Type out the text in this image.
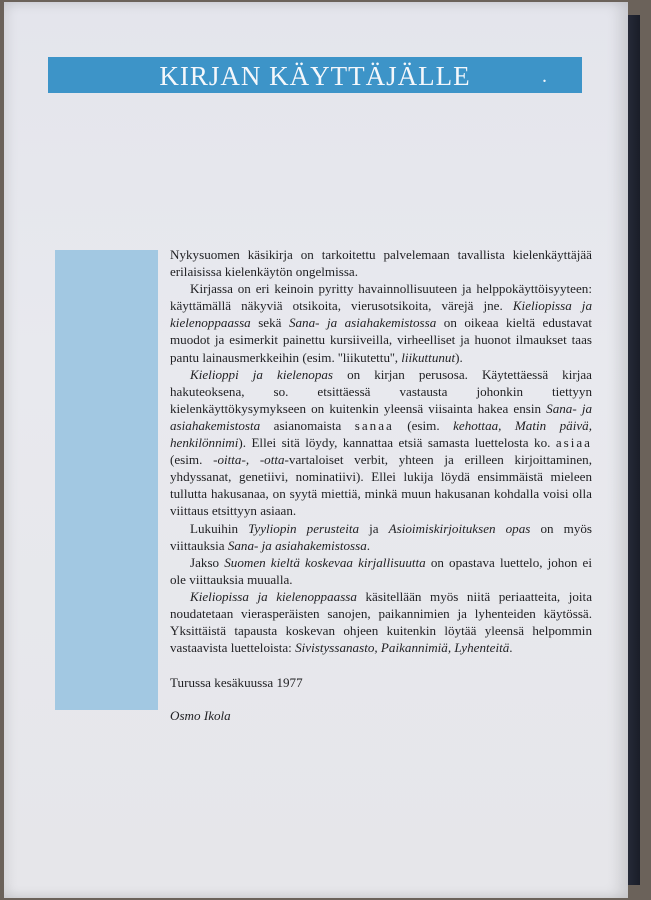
KIRJAN KÄYTTÄJÄLLE	.

Nykysuomen käsikirja on tarkoitettu palvelemaan tavallista kielenkäyttäjää erilaisissa kielenkäytön ongelmissa.

Kirjassa on eri keinoin pyritty havainnollisuuteen ja helppokäyttöisyyteen: käyttämällä näkyviä otsikoita, vierusotsikoita, värejä jne. Kieliopissa ja kielenoppaassa sekä Sana- ja asiahakemistossa on oikeaa kieltä edustavat muodot ja esimerkit painettu kursiiveilla, virheelliset ja huonot ilmaukset taas pantu lainausmerkkeihin (esim. ''liikutettu'', liikuttunut).

Kielioppi ja kielenopas on kirjan perusosa. Käytettäessä kirjaa hakuteoksena, so. etsittäessä vastausta johonkin tiettyyn kielenkäyttökysymykseen on kuitenkin yleensä viisainta hakea ensin Sana- ja asiahakemistosta asianomaista sanaa (esim. kehottaa, Matin päivä, henkilönnimi). Ellei sitä löydy, kannattaa etsiä samasta luettelosta ko. asiaa (esim. -oitta-, -otta-vartaloiset verbit, yhteen ja erilleen kirjoittaminen, yhdyssanat, genetiivi, nominatiivi). Ellei lukija löydä ensimmäistä mieleen tullutta hakusanaa, on syytä miettiä, minkä muun hakusanan kohdalla voisi olla viittaus etsittyyn asiaan.

Lukuihin Tyyliopin perusteita ja Asioimiskirjoituksen opas on myös viittauksia Sana- ja asiahakemistossa.

Jakso Suomen kieltä koskevaa kirjallisuutta on opastava luettelo, johon ei ole viittauksia muualla.

Kieliopissa ja kielenoppaassa käsitellään myös niitä periaatteita, joita noudatetaan vierasperäisten sanojen, paikannimien ja lyhenteiden käytössä. Yksittäistä tapausta koskevan ohjeen kuitenkin löytää yleensä helpommin vastaavista luetteloista: Sivistyssanasto, Paikannimiä, Lyhenteitä.

Turussa kesäkuussa 1977

Osmo Ikola
